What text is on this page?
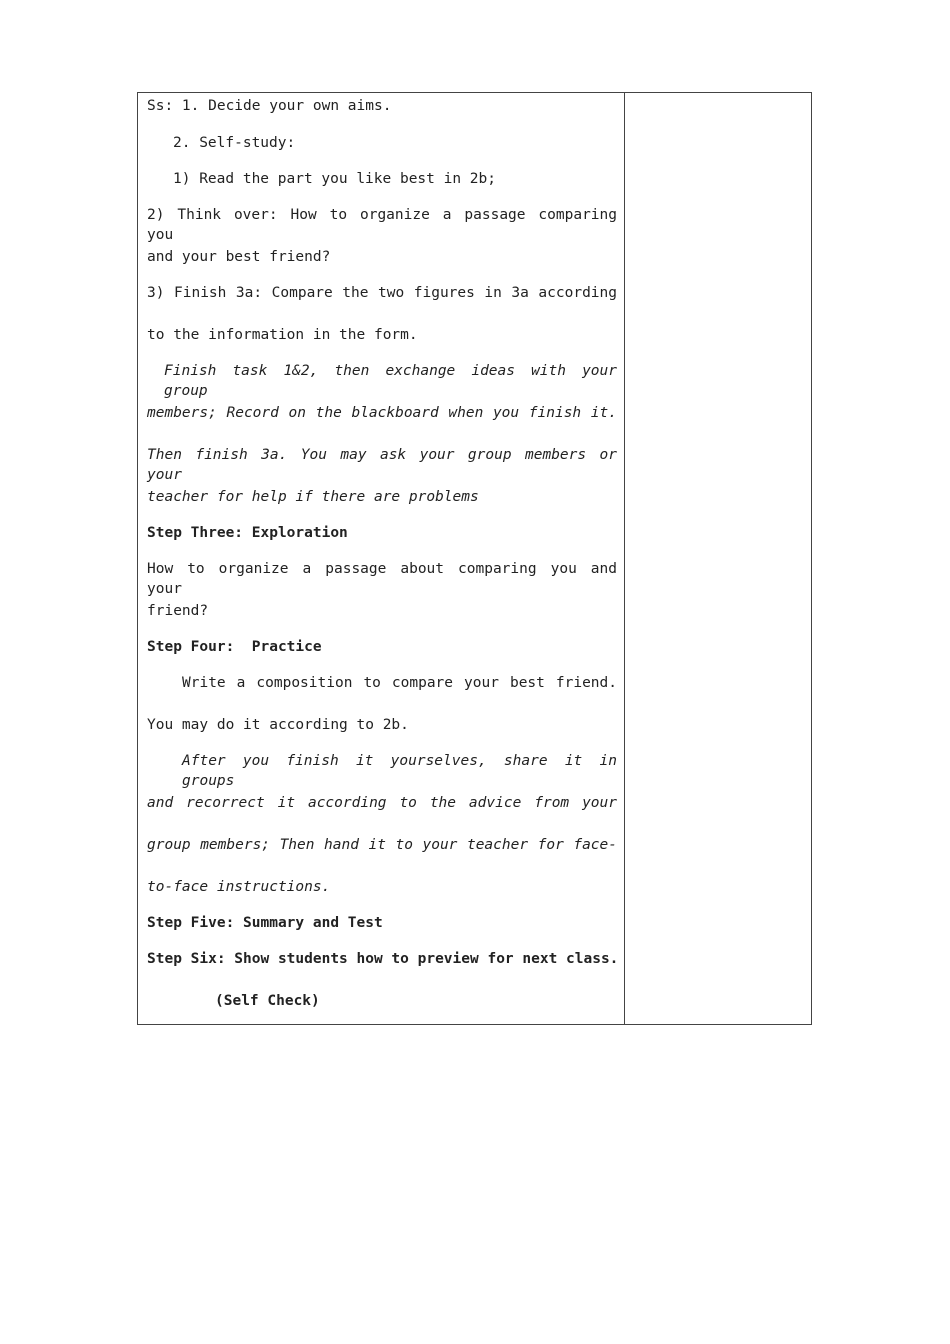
Ss: 1. Decide your own aims.
2. Self-study:
1) Read the part you like best in 2b;
2) Think over: How to organize a passage comparing you
and your best friend?
3) Finish 3a: Compare the two figures in 3a according
to the information in the form.
Finish task 1&2, then exchange ideas with your group
members; Record on the blackboard when you finish it.
Then finish 3a. You may ask your group members or your
teacher for help if there are problems
Step Three: Exploration
How to organize a passage about comparing you and your
friend?
Step Four:  Practice
Write a composition to compare your best friend.
You may do it according to 2b.
After you finish it yourselves, share it in groups
and recorrect it according to the advice from your
group members; Then hand it to your teacher for face-
to-face instructions.
Step Five: Summary and Test
Step Six: Show students how to preview for next class.
(Self Check)
